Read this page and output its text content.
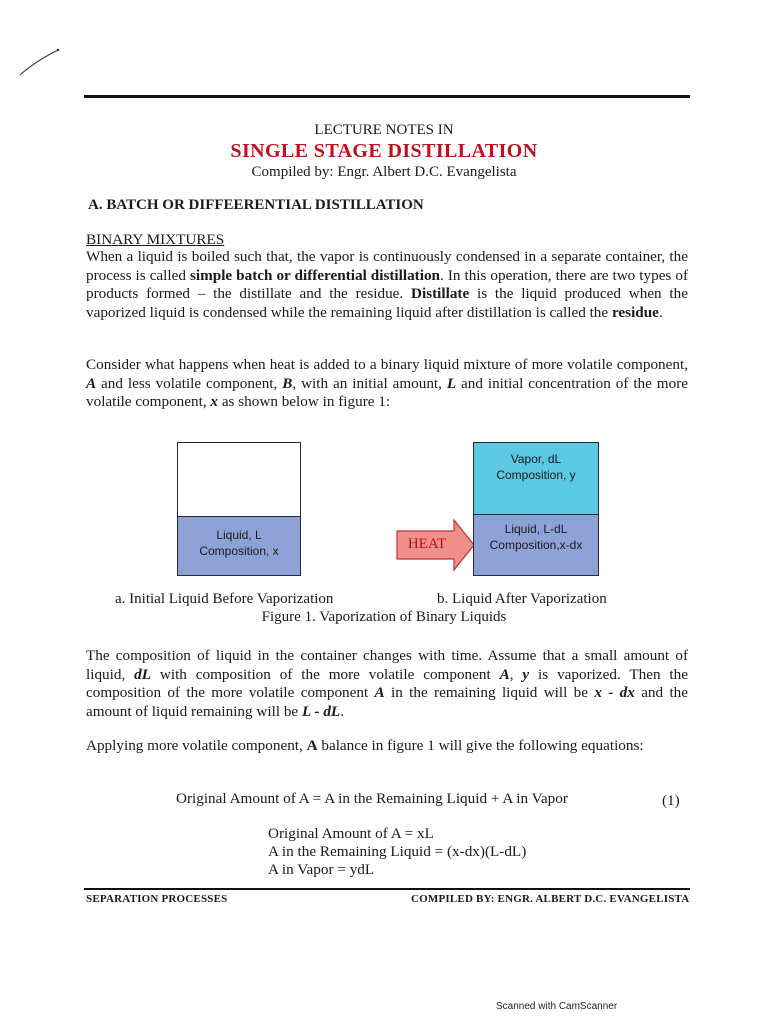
LECTURE NOTES IN
SINGLE STAGE DISTILLATION
Compiled by: Engr. Albert D.C. Evangelista
A. BATCH OR DIFFEERENTIAL DISTILLATION
BINARY MIXTURES
When a liquid is boiled such that, the vapor is continuously condensed in a separate container, the process is called simple batch or differential distillation. In this operation, there are two types of products formed – the distillate and the residue. Distillate is the liquid produced when the vaporized liquid is condensed while the remaining liquid after distillation is called the residue.
Consider what happens when heat is added to a binary liquid mixture of more volatile component, A and less volatile component, B, with an initial amount, L and initial concentration of the more volatile component, x as shown below in figure 1:
Liquid, L
Composition, x	HEAT
Vapor, dL
Composition, y
Liquid, L-dL
Composition,x-dx
a. Initial Liquid Before Vaporization	b. Liquid After Vaporization
Figure 1. Vaporization of Binary Liquids
The composition of liquid in the container changes with time. Assume that a small amount of liquid, dL with composition of the more volatile component A, y is vaporized. Then the composition of the more volatile component A in the remaining liquid will be x - dx and the amount of liquid remaining will be L - dL.
Applying more volatile component, A balance in figure 1 will give the following equations:
Original Amount of A = A in the Remaining Liquid + A in Vapor	(1)
Original Amount of A = xL
A in the Remaining Liquid = (x-dx)(L-dL)
A in Vapor = ydL
SEPARATION PROCESSES	COMPILED BY: ENGR. ALBERT D.C. EVANGELISTA
Scanned with CamScanner
